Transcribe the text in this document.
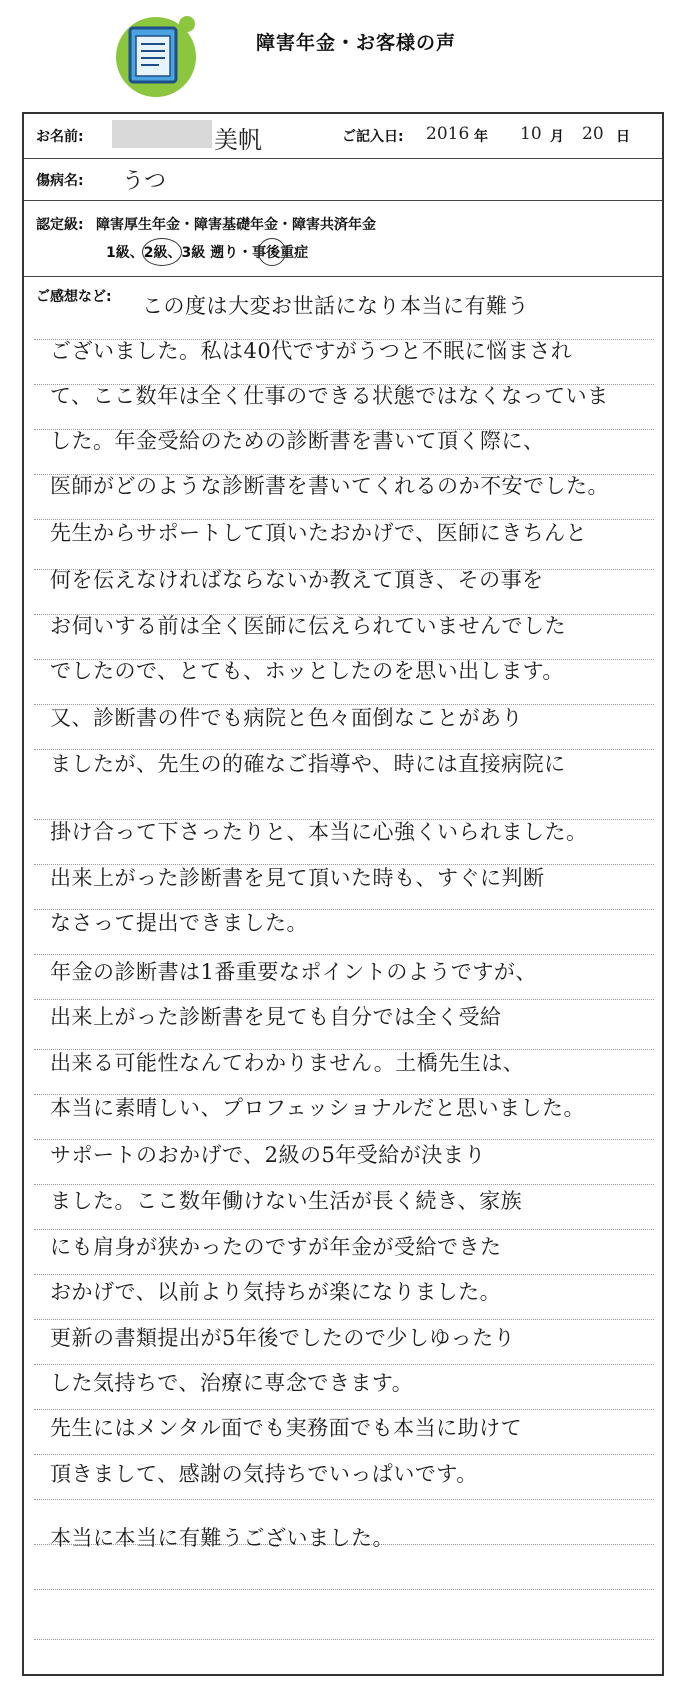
障害年金・お客様の声
お名前:	美帆	ご記入日: 2016 年 10 月 20 日
傷病名: うつ
認定級: 障害厚生年金・障害基礎年金・障害共済年金
1級、2級、3級 遡り・事後重症
ご感想など: この度は大変お世話になり本当に有難う
ございました。私は40代ですがうつと不眠に悩まされ
て、ここ数年は全く仕事のできる状態ではなくなっていま
した。年金受給のための診断書を書いて頂く際に、
医師がどのような診断書を書いてくれるのか不安でした。
先生からサポートして頂いたおかげで、医師にきちんと
何を伝えなければならないか教えて頂き、その事を
お伺いする前は全く医師に伝えられていませんでした
でしたので、とても、ホッとしたのを思い出します。
又、診断書の件でも病院と色々面倒なことがあり
ましたが、先生の的確なご指導や、時には直接病院に
掛け合って下さったりと、本当に心強くいられました。
出来上がった診断書を見て頂いた時も、すぐに判断
なさって提出できました。
年金の診断書は1番重要なポイントのようですが、
出来上がった診断書を見ても自分では全く受給
出来る可能性なんてわかりません。土橋先生は、
本当に素晴しい、プロフェッショナルだと思いました。
サポートのおかげで、2級の5年受給が決まり
ました。ここ数年働けない生活が長く続き、家族
にも肩身が狭かったのですが年金が受給できた
おかげで、以前より気持ちが楽になりました。
更新の書類提出が5年後でしたので少しゆったり
した気持ちで、治療に専念できます。
先生にはメンタル面でも実務面でも本当に助けて
頂きまして、感謝の気持ちでいっぱいです。
本当に本当に有難うございました。
